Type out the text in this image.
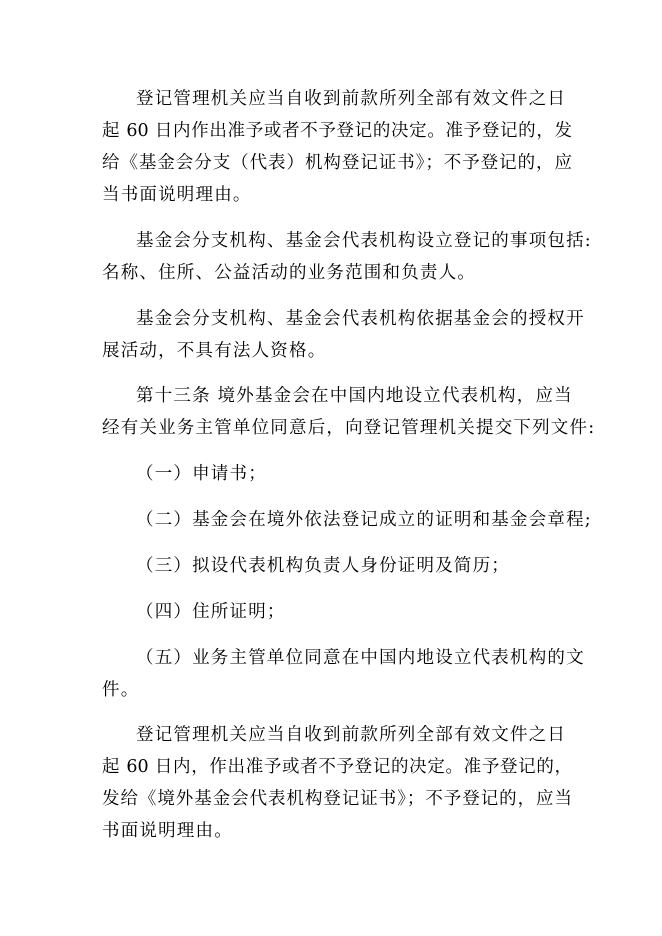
登记管理机关应当自收到前款所列全部有效文件之日
起 60 日内作出准予或者不予登记的决定。准予登记的，发
给《基金会分支（代表）机构登记证书》；不予登记的，应
当书面说明理由。
基金会分支机构、基金会代表机构设立登记的事项包括:
名称、住所、公益活动的业务范围和负责人。
基金会分支机构、基金会代表机构依据基金会的授权开
展活动，不具有法人资格。
第十三条 境外基金会在中国内地设立代表机构，应当
经有关业务主管单位同意后，向登记管理机关提交下列文件:
（一）申请书；
（二）基金会在境外依法登记成立的证明和基金会章程;
（三）拟设代表机构负责人身份证明及简历；
（四）住所证明；
（五）业务主管单位同意在中国内地设立代表机构的文
件。
登记管理机关应当自收到前款所列全部有效文件之日
起 60 日内，作出准予或者不予登记的决定。准予登记的，
发给《境外基金会代表机构登记证书》；不予登记的，应当
书面说明理由。
